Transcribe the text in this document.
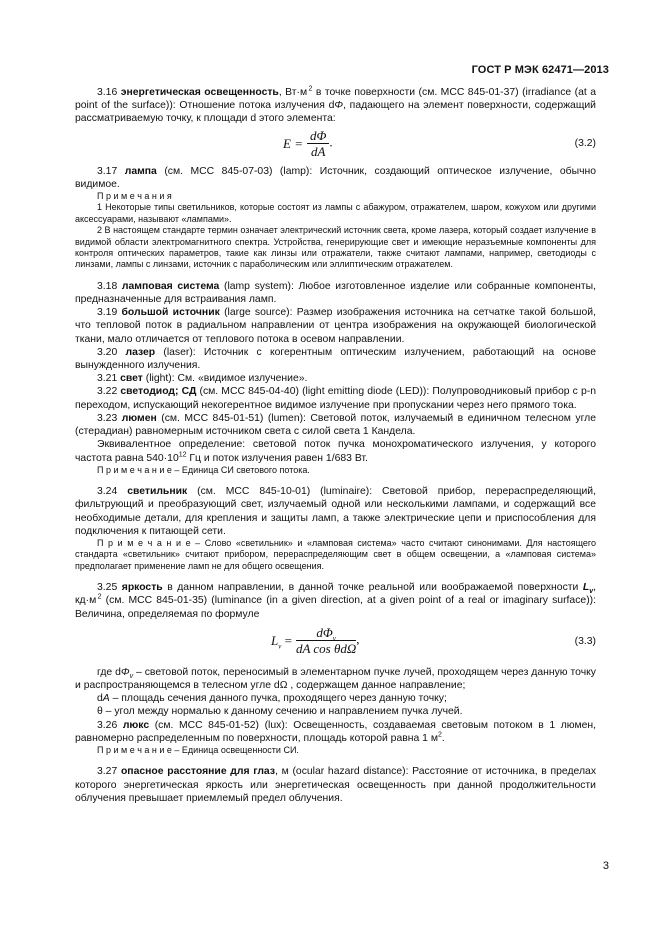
ГОСТ Р МЭК 62471—2013

3.16 энергетическая освещенность, Вт·м $^2$ в точке поверхности (см. МСС 845-01-37) (irradiance (at a point of the surface)): Отношение потока излучения dΦ, падающего на элемент поверхности, содержащий рассматриваемую точку, к площади d этого элемента:

$E = \frac{d\Phi}{dA}$ .	(3.2)

3.17 лампа (см. МСС 845-07-03) (lamp): Источник, создающий оптическое излучение, обычно видимое.

П р и м е ч а н и я

1 Некоторые типы светильников, которые состоят из лампы с абажуром, отражателем, шаром, кожухом или другими аксессуарами, называют «лампами».

2 В настоящем стандарте термин означает электрический источник света, кроме лазера, который создает излучение в видимой области электромагнитного спектра. Устройства, генерирующие свет и имеющие неразъемные компоненты для контроля оптических параметров, такие как линзы или отражатели, также считают лампами, например, светодиоды с линзами, лампы с линзами, источник с параболическим или эллиптическим отражателем.

3.18 ламповая система (lamp system): Любое изготовленное изделие или собранные компоненты, предназначенные для встраивания ламп.

3.19 большой источник (large source): Размер изображения источника на сетчатке такой большой, что тепловой поток в радиальном направлении от центра изображения на окружающей биологической ткани, мало отличается от теплового потока в осевом направлении.

3.20 лазер (laser): Источник с когерентным оптическим излучением, работающий на основе вынужденного излучения.

3.21 свет (light): См. «видимое излучение».

3.22 светодиод; СД (см. МСС 845-04-40) (light emitting diode (LED)): Полупроводниковый прибор с p-n переходом, испускающий некогерентное видимое излучение при пропускании через него прямого тока.

3.23 люмен (см. МСС 845-01-51) (lumen): Световой поток, излучаемый в единичном телесном угле (стерадиан) равномерным источником света с силой света 1 Кандела.

Эквивалентное определение: световой поток пучка монохроматического излучения, у которого частота равна $540\cdot 10^{12}$ Гц и поток излучения равен 1/683 Вт.

П р и м е ч а н и е – Единица СИ светового потока.

3.24 светильник (см. МСС 845-10-01) (luminaire): Световой прибор, перераспределяющий, фильтрующий и преобразующий свет, излучаемый одной или несколькими лампами, и содержащий все необходимые детали, для крепления и защиты ламп, а также электрические цепи и приспособления для подключения к питающей сети.

П р и м е ч а н и е – Слово «светильник» и «ламповая система» часто считают синонимами. Для настоящего стандарта «светильник» считают прибором, перераспределяющим свет в общем освещении, а «ламповая система» предполагает применение ламп не для общего освещения.

3.25 яркость в данном направлении, в данной точке реальной или воображаемой поверхности $L_v$, кд·м $^2$ (см. МСС 845-01-35) (luminance (in a given direction, at a given point of a real or imaginary surface)): Величина, определяемая по формуле

$L_v = \frac{d\Phi_v}{\text{dA cos θdΩ}}$ ,	(3.3)

где $d\Phi_v$ – световой поток, переносимый в элементарном пучке лучей, проходящем через данную точку и распространяющемся в телесном угле dΩ , содержащем данное направление;

dA – площадь сечения данного пучка, проходящего через данную точку;

θ – угол между нормалью к данному сечению и направлением пучка лучей.

3.26 люкс (см. МСС 845-01-52) (lux): Освещенность, создаваемая световым потоком в 1 люмен, равномерно распределенным по поверхности, площадь которой равна 1 $м^2$.

П р и м е ч а н и е – Единица освещенности СИ.

3.27 опасное расстояние для глаз, м (ocular hazard distance): Расстояние от источника, в пределах которого энергетическая яркость или энергетическая освещенность при данной продолжительности облучения превышает приемлемый предел облучения.

3
